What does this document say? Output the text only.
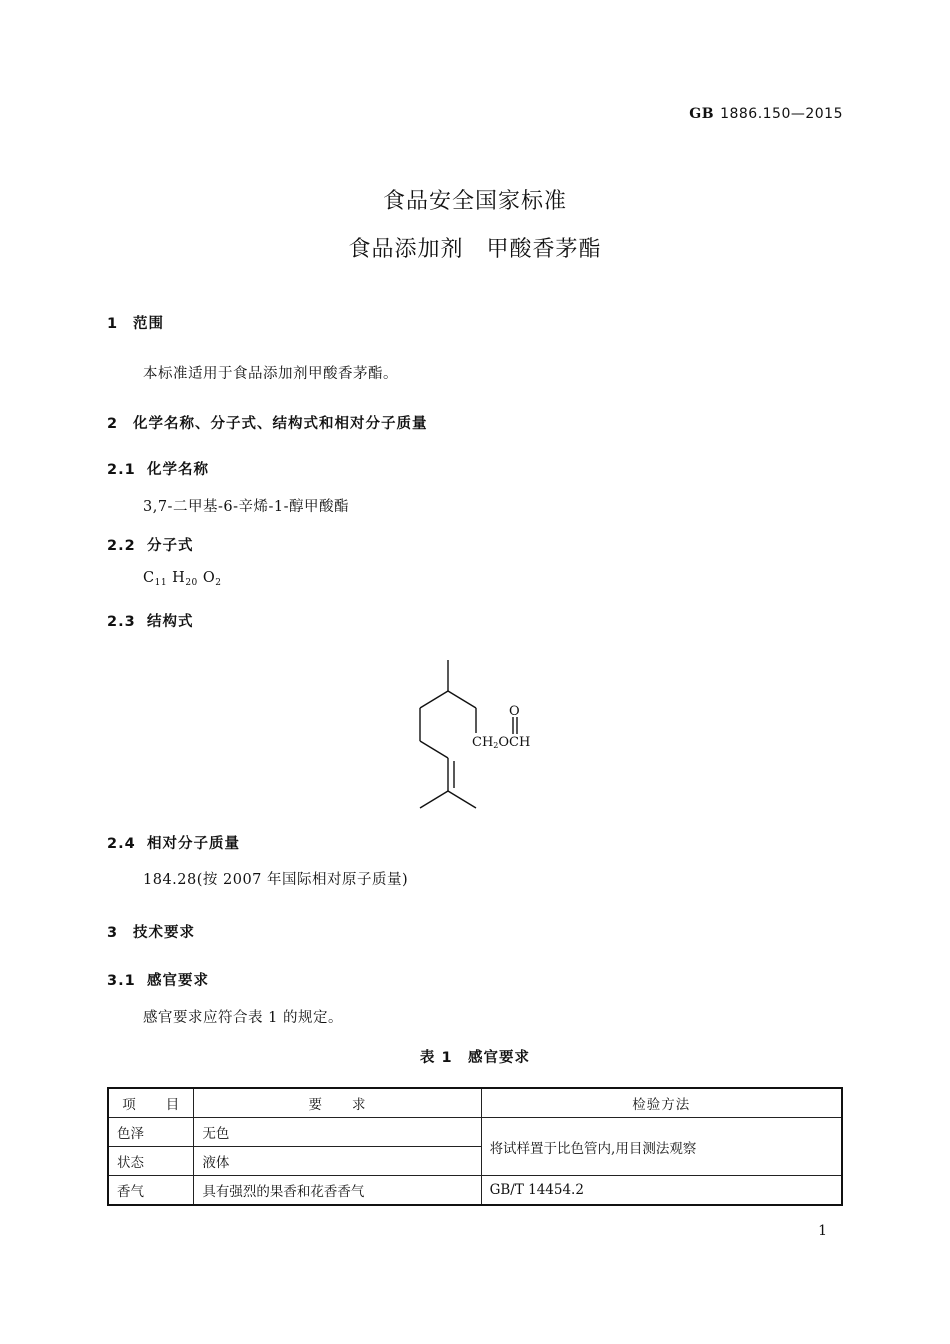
GB 1886.150—2015
食品安全国家标准
食品添加剂　甲酸香茅酯
1 范围
本标准适用于食品添加剂甲酸香茅酯。
2 化学名称、分子式、结构式和相对分子质量
2.1 化学名称
3,7-二甲基-6-辛烯-1-醇甲酸酯
2.2 分子式
$C_{11}$ $H_{20}$ $O_2$
2.3 结构式
O
CH2OCH
2.4 相对分子质量
184.28(按 2007 年国际相对原子质量)
3 技术要求
3.1 感官要求
感官要求应符合表 1 的规定。
表 1　感官要求
项　　目	要　　求	检验方法
色泽	无色	将试样置于比色管内,用目测法观察
状态	液体	
香气	具有强烈的果香和花香香气	GB/T 14454.2
1
